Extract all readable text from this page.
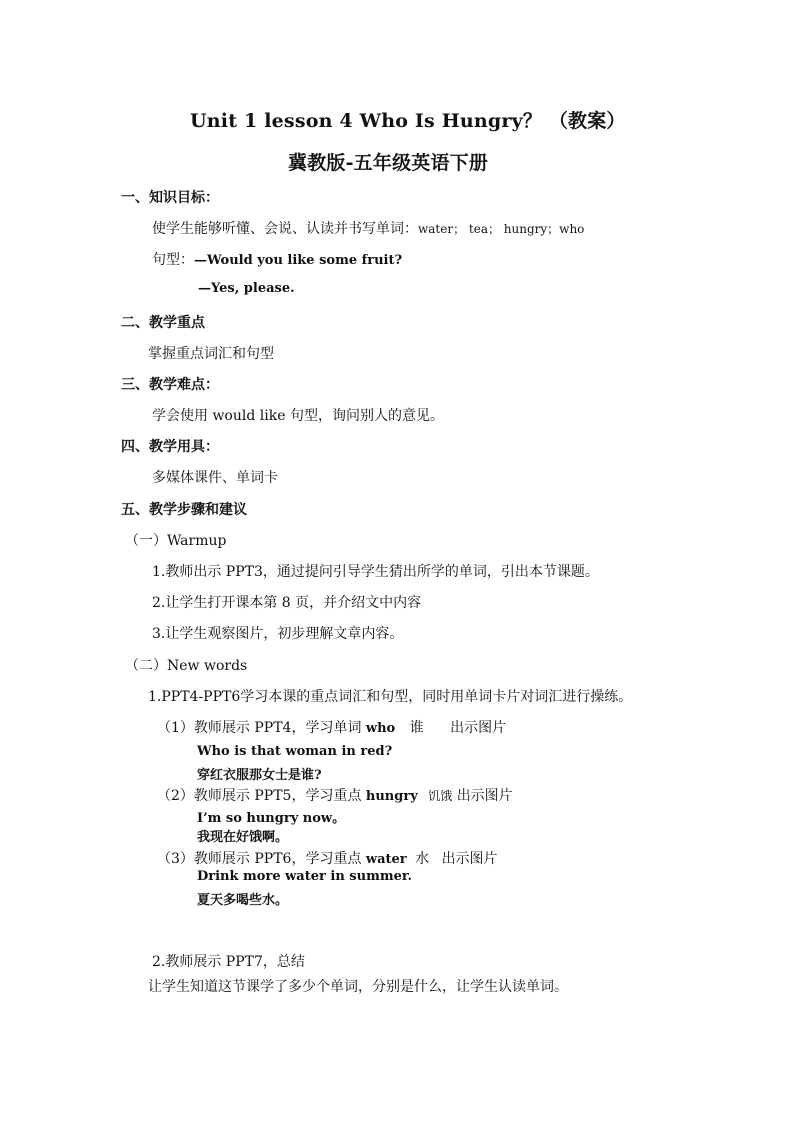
Unit 1 lesson 4 Who Is Hungry？ （教案）
冀教版-五年级英语下册
一、知识目标：
使学生能够听懂、会说、认读并书写单词：water； tea； hungry；who
句型：—Would you like some fruit?
—Yes, please.
二、教学重点
掌握重点词汇和句型
三、教学难点：
学会使用 would like 句型，询问别人的意见。
四、教学用具：
多媒体课件、单词卡
五、教学步骤和建议
（一）Warmup
1.教师出示 PPT3，通过提问引导学生猜出所学的单词，引出本节课题。
2.让学生打开课本第 8 页，并介绍文中内容
3.让学生观察图片，初步理解文章内容。
（二）New words
1.PPT4-PPT6学习本课的重点词汇和句型，同时用单词卡片对词汇进行操练。
（1）教师展示 PPT4，学习单词 who 谁 出示图片
Who is that woman in red?
穿红衣服那女士是谁?
（2）教师展示 PPT5，学习重点 hungry 饥饿 出示图片
I’m so hungry now。
我现在好饿啊。
（3）教师展示 PPT6，学习重点 water 水 出示图片
Drink more water in summer.
夏天多喝些水。
2.教师展示 PPT7，总结
让学生知道这节课学了多少个单词，分别是什么，让学生认读单词。
